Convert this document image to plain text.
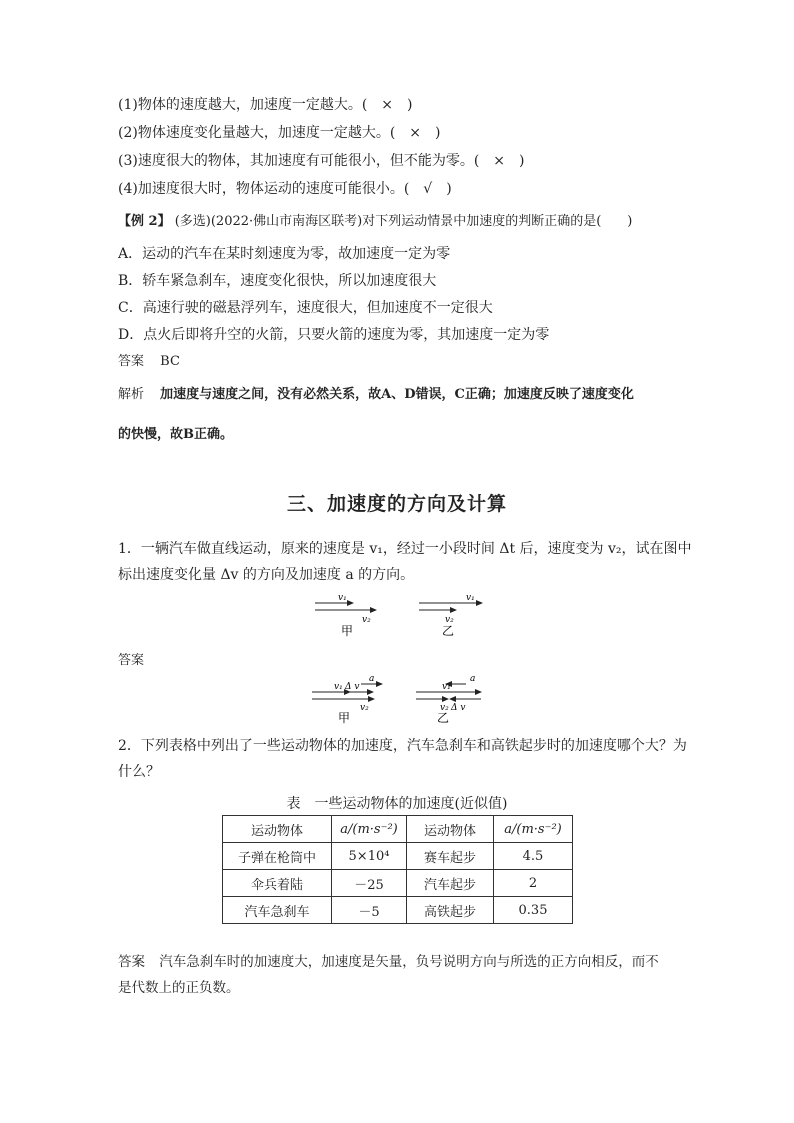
(1)物体的速度越大，加速度一定越大。(　×　)
(2)物体速度变化量越大，加速度一定越大。(　×　)
(3)速度很大的物体，其加速度有可能很小，但不能为零。(　×　)
(4)加速度很大时，物体运动的速度可能很小。(　√　)
【例 2】 (多选)(2022·佛山市南海区联考)对下列运动情景中加速度的判断正确的是(　　)
A．运动的汽车在某时刻速度为零，故加速度一定为零
B．轿车紧急刹车，速度变化很快，所以加速度很大
C．高速行驶的磁悬浮列车，速度很大，但加速度不一定很大
D．点火后即将升空的火箭，只要火箭的速度为零，其加速度一定为零
答案 BC
解析 加速度与速度之间，没有必然关系，故A、D错误，C正确；加速度反映了速度变化
的快慢，故B正确。
三、加速度的方向及计算
1．一辆汽车做直线运动，原来的速度是 v₁，经过一小段时间 Δt 后，速度变为 v₂，试在图中
标出速度变化量 Δv 的方向及加速度 a 的方向。
v₁
v₂
甲
v₁
v₂
乙
v₁ Δ v
a
v₂
甲
v₁
a
v₂ Δ v
乙
答案
2．下列表格中列出了一些运动物体的加速度，汽车急刹车和高铁起步时的加速度哪个大？为
什么？
表　一些运动物体的加速度(近似值)
运动物体	a/(m·s⁻²)	运动物体	a/(m·s⁻²)
子弹在枪筒中	5×10⁴	赛车起步	4.5
伞兵着陆	－25	汽车起步	2
汽车急刹车	－5	高铁起步	0.35
答案 汽车急刹车时的加速度大，加速度是矢量，负号说明方向与所选的正方向相反，而不
是代数上的正负数。
